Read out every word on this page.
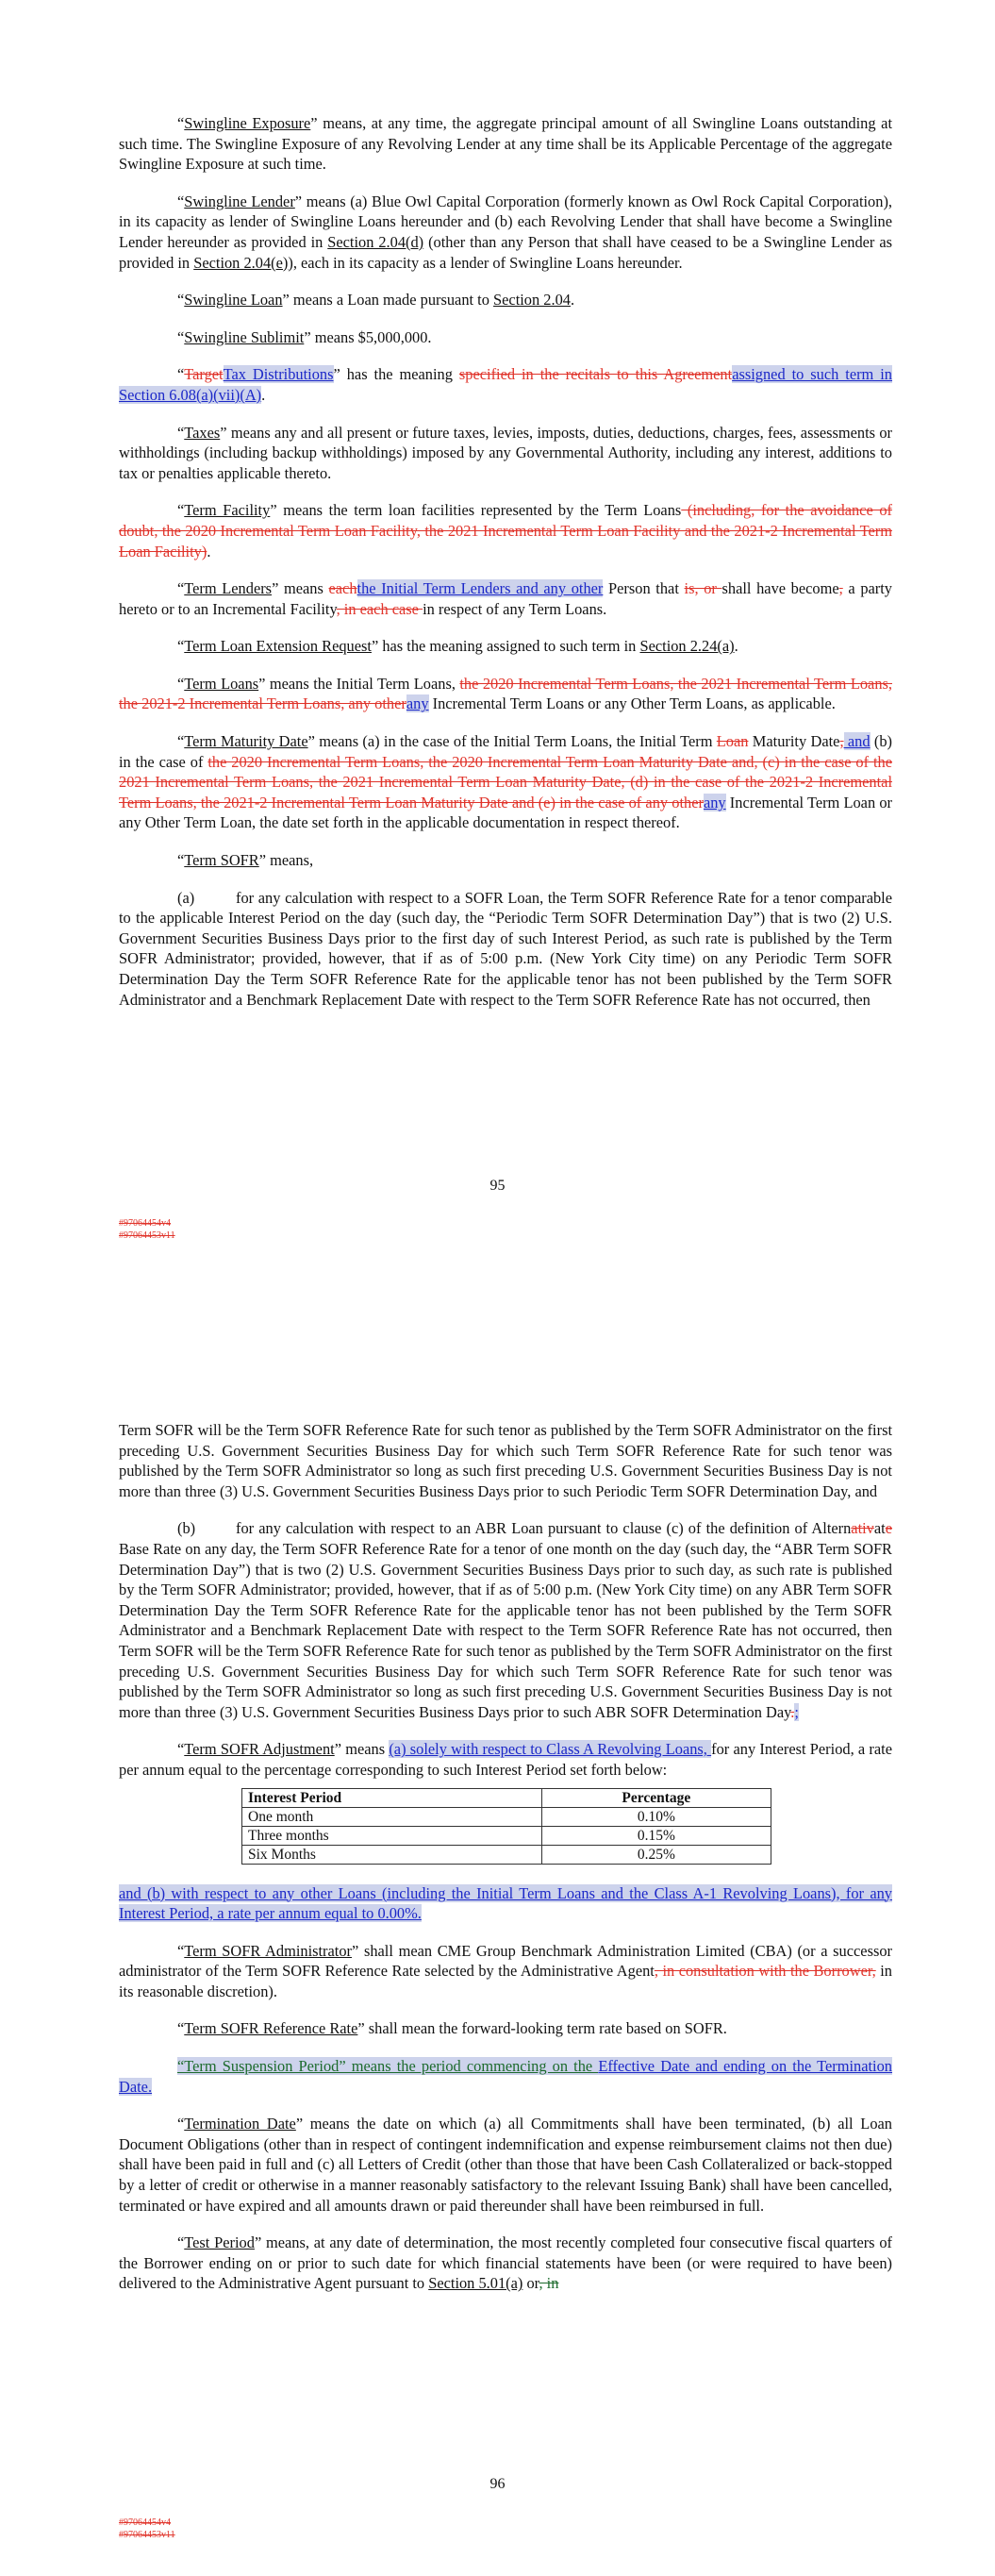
“Swingline Exposure” means, at any time, the aggregate principal amount of all Swingline Loans outstanding at such time. The Swingline Exposure of any Revolving Lender at any time shall be its Applicable Percentage of the aggregate Swingline Exposure at such time.

“Swingline Lender” means (a) Blue Owl Capital Corporation (formerly known as Owl Rock Capital Corporation), in its capacity as lender of Swingline Loans hereunder and (b) each Revolving Lender that shall have become a Swingline Lender hereunder as provided in Section 2.04(d) (other than any Person that shall have ceased to be a Swingline Lender as provided in Section 2.04(e)), each in its capacity as a lender of Swingline Loans hereunder.

“Swingline Loan” means a Loan made pursuant to Section 2.04.

“Swingline Sublimit” means $5,000,000.

“TargetTax Distributions” has the meaning specified in the recitals to this Agreementassigned to such term in Section 6.08(a)(vii)(A).

“Taxes” means any and all present or future taxes, levies, imposts, duties, deductions, charges, fees, assessments or withholdings (including backup withholdings) imposed by any Governmental Authority, including any interest, additions to tax or penalties applicable thereto.

“Term Facility” means the term loan facilities represented by the Term Loans (including, for the avoidance of doubt, the 2020 Incremental Term Loan Facility, the 2021 Incremental Term Loan Facility and the 2021-2 Incremental Term Loan Facility).

“Term Lenders” means eachthe Initial Term Lenders and any other Person that is, or shall have become, a party hereto or to an Incremental Facility, in each case in respect of any Term Loans.

“Term Loan Extension Request” has the meaning assigned to such term in Section 2.24(a).

“Term Loans” means the Initial Term Loans, the 2020 Incremental Term Loans, the 2021 Incremental Term Loans, the 2021-2 Incremental Term Loans, any otherany Incremental Term Loans or any Other Term Loans, as applicable.

“Term Maturity Date” means (a) in the case of the Initial Term Loans, the Initial Term Loan Maturity Date, and (b) in the case of the 2020 Incremental Term Loans, the 2020 Incremental Term Loan Maturity Date and, (c) in the case of the 2021 Incremental Term Loans, the 2021 Incremental Term Loan Maturity Date, (d) in the case of the 2021-2 Incremental Term Loans, the 2021-2 Incremental Term Loan Maturity Date and (e) in the case of any otherany Incremental Term Loan or any Other Term Loan, the date set forth in the applicable documentation in respect thereof.

“Term SOFR” means,

(a)	for any calculation with respect to a SOFR Loan, the Term SOFR Reference Rate for a tenor comparable to the applicable Interest Period on the day (such day, the “Periodic Term SOFR Determination Day”) that is two (2) U.S. Government Securities Business Days prior to the first day of such Interest Period, as such rate is published by the Term SOFR Administrator; provided, however, that if as of 5:00 p.m. (New York City time) on any Periodic Term SOFR Determination Day the Term SOFR Reference Rate for the applicable tenor has not been published by the Term SOFR Administrator and a Benchmark Replacement Date with respect to the Term SOFR Reference Rate has not occurred, then

95
#97064454v4
#97064453v11

Term SOFR will be the Term SOFR Reference Rate for such tenor as published by the Term SOFR Administrator on the first preceding U.S. Government Securities Business Day for which such Term SOFR Reference Rate for such tenor was published by the Term SOFR Administrator so long as such first preceding U.S. Government Securities Business Day is not more than three (3) U.S. Government Securities Business Days prior to such Periodic Term SOFR Determination Day, and

(b)	for any calculation with respect to an ABR Loan pursuant to clause (c) of the definition of Alternativate Base Rate on any day, the Term SOFR Reference Rate for a tenor of one month on the day (such day, the “ABR Term SOFR Determination Day”) that is two (2) U.S. Government Securities Business Days prior to such day, as such rate is published by the Term SOFR Administrator; provided, however, that if as of 5:00 p.m. (New York City time) on any ABR Term SOFR Determination Day the Term SOFR Reference Rate for the applicable tenor has not been published by the Term SOFR Administrator and a Benchmark Replacement Date with respect to the Term SOFR Reference Rate has not occurred, then Term SOFR will be the Term SOFR Reference Rate for such tenor as published by the Term SOFR Administrator on the first preceding U.S. Government Securities Business Day for which such Term SOFR Reference Rate for such tenor was published by the Term SOFR Administrator so long as such first preceding U.S. Government Securities Business Day is not more than three (3) U.S. Government Securities Business Days prior to such ABR SOFR Determination Day.;

“Term SOFR Adjustment” means (a) solely with respect to Class A Revolving Loans, for any Interest Period, a rate per annum equal to the percentage corresponding to such Interest Period set forth below:

Interest Period	Percentage
One month	0.10%
Three months	0.15%
Six Months	0.25%

and (b) with respect to any other Loans (including the Initial Term Loans and the Class A-1 Revolving Loans), for any Interest Period, a rate per annum equal to 0.00%.

“Term SOFR Administrator” shall mean CME Group Benchmark Administration Limited (CBA) (or a successor administrator of the Term SOFR Reference Rate selected by the Administrative Agent, in consultation with the Borrower, in its reasonable discretion).

“Term SOFR Reference Rate” shall mean the forward-looking term rate based on SOFR.

“Term Suspension Period” means the period commencing on the Effective Date and ending on the Termination Date.

“Termination Date” means the date on which (a) all Commitments shall have been terminated, (b) all Loan Document Obligations (other than in respect of contingent indemnification and expense reimbursement claims not then due) shall have been paid in full and (c) all Letters of Credit (other than those that have been Cash Collateralized or back-stopped by a letter of credit or otherwise in a manner reasonably satisfactory to the relevant Issuing Bank) shall have been cancelled, terminated or have expired and all amounts drawn or paid thereunder shall have been reimbursed in full.

“Test Period” means, at any date of determination, the most recently completed four consecutive fiscal quarters of the Borrower ending on or prior to such date for which financial statements have been (or were required to have been) delivered to the Administrative Agent pursuant to Section 5.01(a) or, in

96
#97064454v4
#97064453v11
